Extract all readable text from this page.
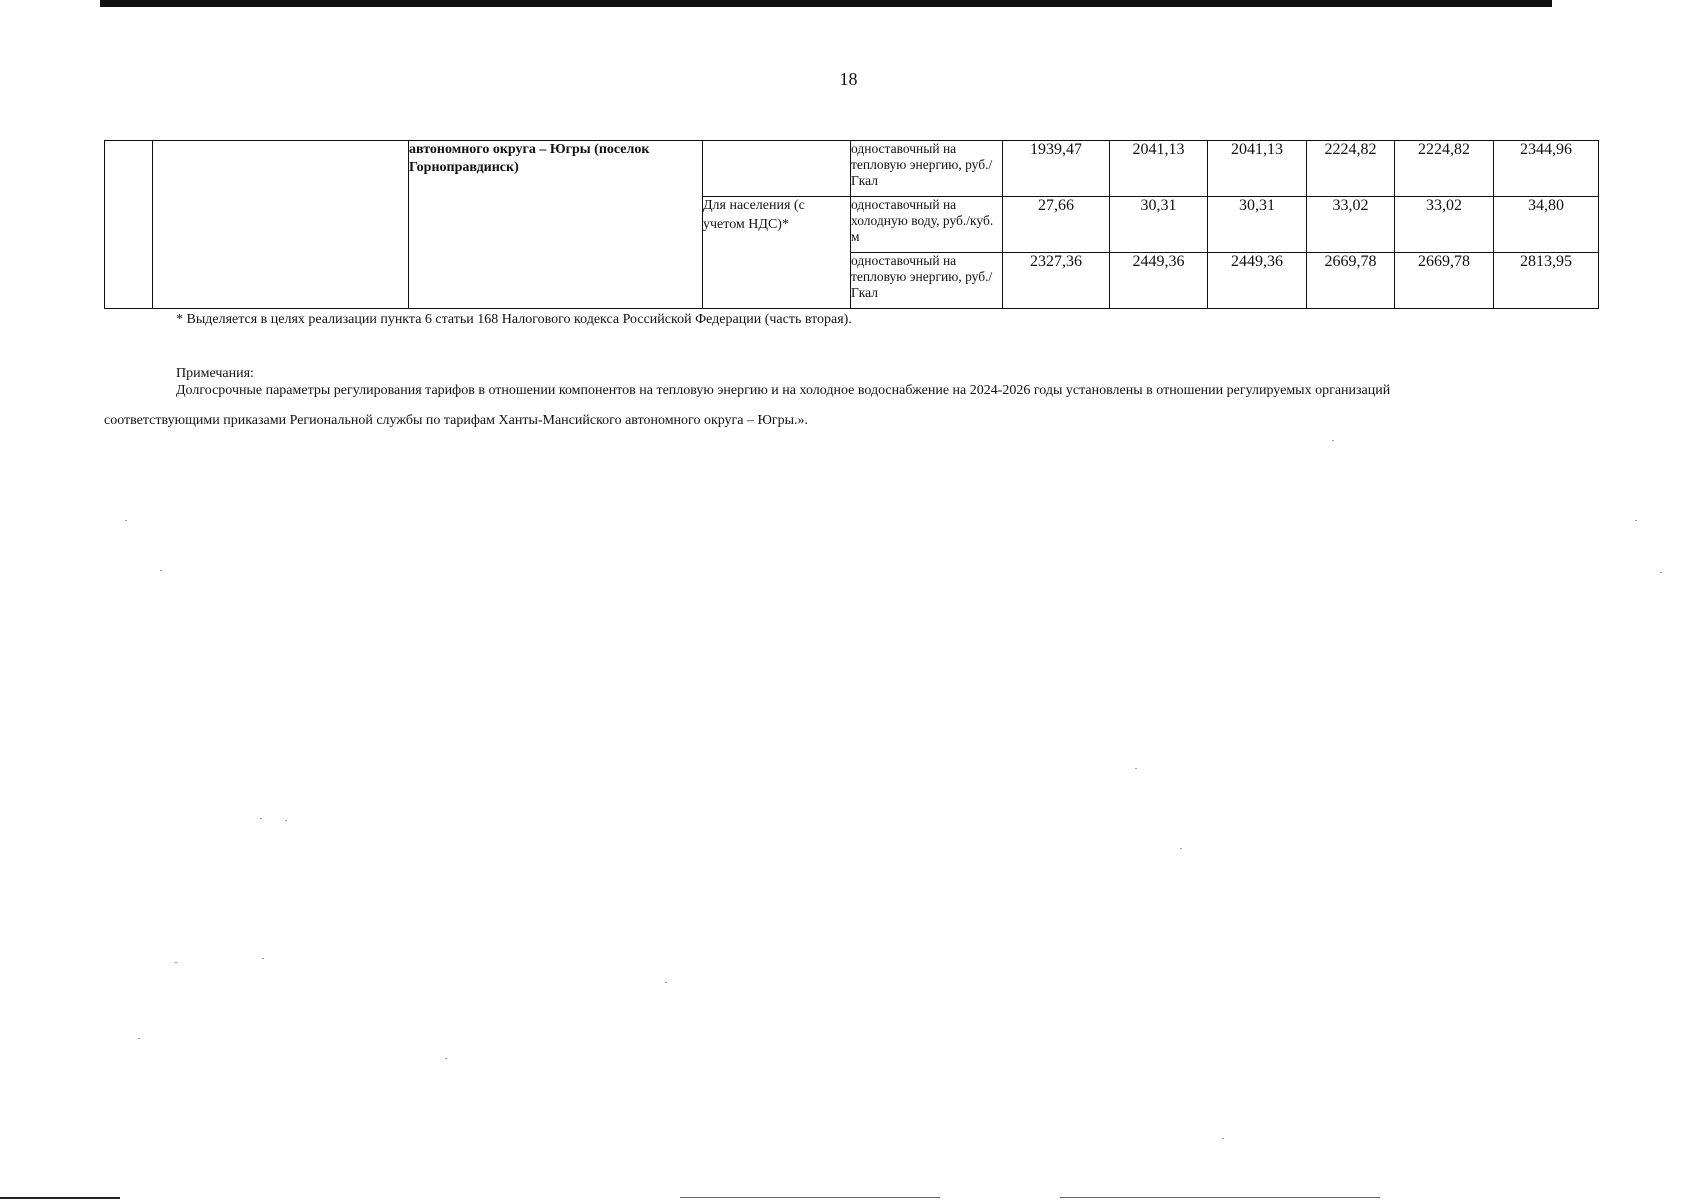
18
		автономного округа – Югры (поселок Горноправдинск)		одноставочный на тепловую энергию, руб./ Гкал	1939,47	2041,13	2041,13	2224,82	2224,82	2344,96
			Для населения (с учетом НДС)*	одноставочный на холодную воду, руб./куб. м	27,66	30,31	30,31	33,02	33,02	34,80
				одноставочный на тепловую энергию, руб./ Гкал	2327,36	2449,36	2449,36	2669,78	2669,78	2813,95
* Выделяется в целях реализации пункта 6 статьи 168 Налогового кодекса Российской Федерации (часть вторая).
Примечания:
Долгосрочные параметры регулирования тарифов в отношении компонентов на тепловую энергию и на холодное водоснабжение на 2024-2026 годы установлены в отношении регулируемых организаций
соответствующими приказами Региональной службы по тарифам Ханты-Мансийского автономного округа – Югры.».
